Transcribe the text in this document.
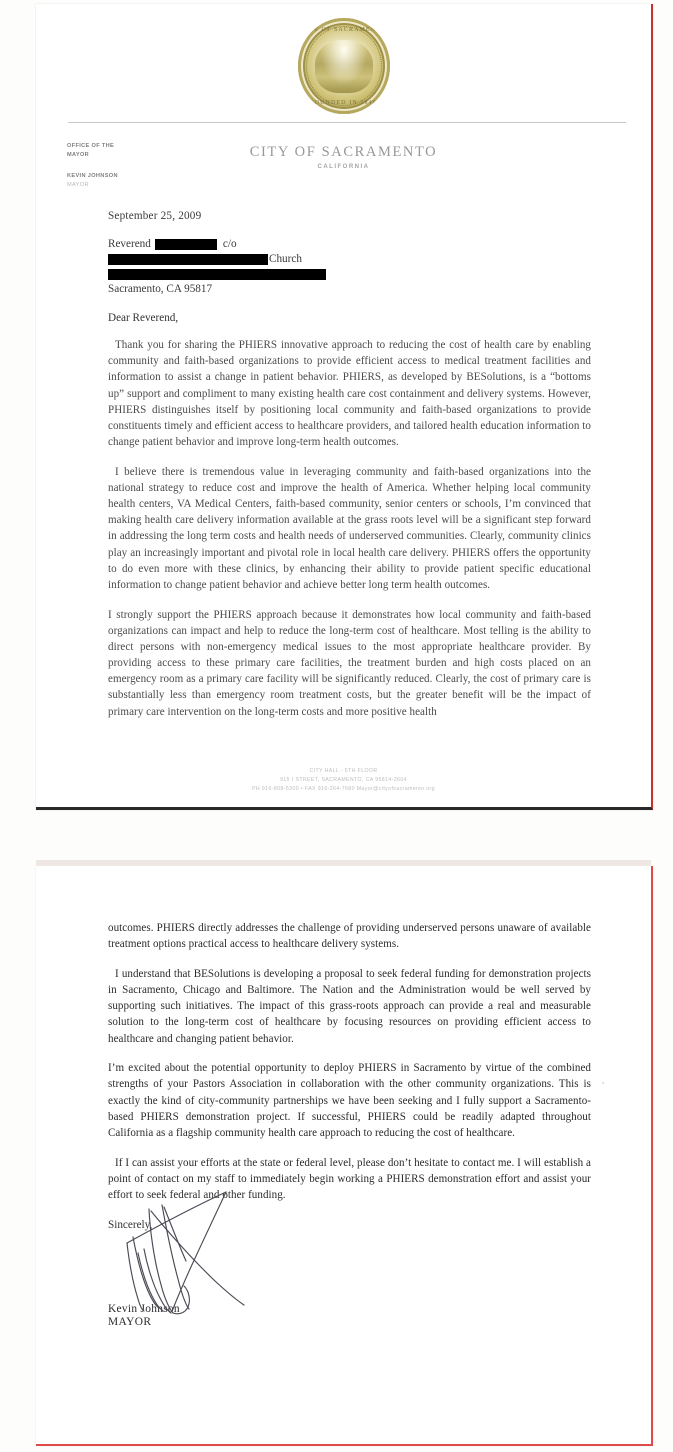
CITY OF SACRAMENTO
FOUNDED IN 1849
OFFICE OF THE
MAYOR
KEVIN JOHNSON
MAYOR
CITY OF SACRAMENTO
CALIFORNIA
September 25, 2009
Reverend	c/o
Church
Sacramento, CA 95817
Dear Reverend,

Thank you for sharing the PHIERS innovative approach to reducing the cost of health care by enabling community and faith-based organizations to provide efficient access to medical treatment facilities and information to assist a change in patient behavior. PHIERS, as developed by BESolutions, is a “bottoms up” support and compliment to many existing health care cost containment and delivery systems. However, PHIERS distinguishes itself by positioning local community and faith-based organizations to provide constituents timely and efficient access to healthcare providers, and tailored health education information to change patient behavior and improve long-term health outcomes.

I believe there is tremendous value in leveraging community and faith-based organizations into the national strategy to reduce cost and improve the health of America. Whether helping local community health centers, VA Medical Centers, faith-based community, senior centers or schools, I’m convinced that making health care delivery information available at the grass roots level will be a significant step forward in addressing the long term costs and health needs of underserved communities. Clearly, community clinics play an increasingly important and pivotal role in local health care delivery. PHIERS offers the opportunity to do even more with these clinics, by enhancing their ability to provide patient specific educational information to change patient behavior and achieve better long term health outcomes.

I strongly support the PHIERS approach because it demonstrates how local community and faith-based organizations can impact and help to reduce the long-term cost of healthcare. Most telling is the ability to direct persons with non-emergency medical issues to the most appropriate healthcare provider. By providing access to these primary care facilities, the treatment burden and high costs placed on an emergency room as a primary care facility will be significantly reduced. Clearly, the cost of primary care is substantially less than emergency room treatment costs, but the greater benefit will be the impact of primary care intervention on the long-term costs and more positive health

CITY HALL - 5TH FLOOR
915 I STREET, SACRAMENTO, CA 95814-2604
PH 916-808-5300 • FAX 916-264-7680 Mayor@cityofsacramento.org

outcomes. PHIERS directly addresses the challenge of providing underserved persons unaware of available treatment options practical access to healthcare delivery systems.

I understand that BESolutions is developing a proposal to seek federal funding for demonstration projects in Sacramento, Chicago and Baltimore. The Nation and the Administration would be well served by supporting such initiatives. The impact of this grass-roots approach can provide a real and measurable solution to the long-term cost of healthcare by focusing resources on providing efficient access to healthcare and changing patient behavior.

I’m excited about the potential opportunity to deploy PHIERS in Sacramento by virtue of the combined strengths of your Pastors Association in collaboration with the other community organizations. This is exactly the kind of city-community partnerships we have been seeking and I fully support a Sacramento-based PHIERS demonstration project. If successful, PHIERS could be readily adapted throughout California as a flagship community health care approach to reducing the cost of healthcare.

If I can assist your efforts at the state or federal level, please don’t hesitate to contact me. I will establish a point of contact on my staff to immediately begin working a PHIERS demonstration effort and assist your effort to seek federal and other funding.

Sincerely,
Kevin Johnson
MAYOR
